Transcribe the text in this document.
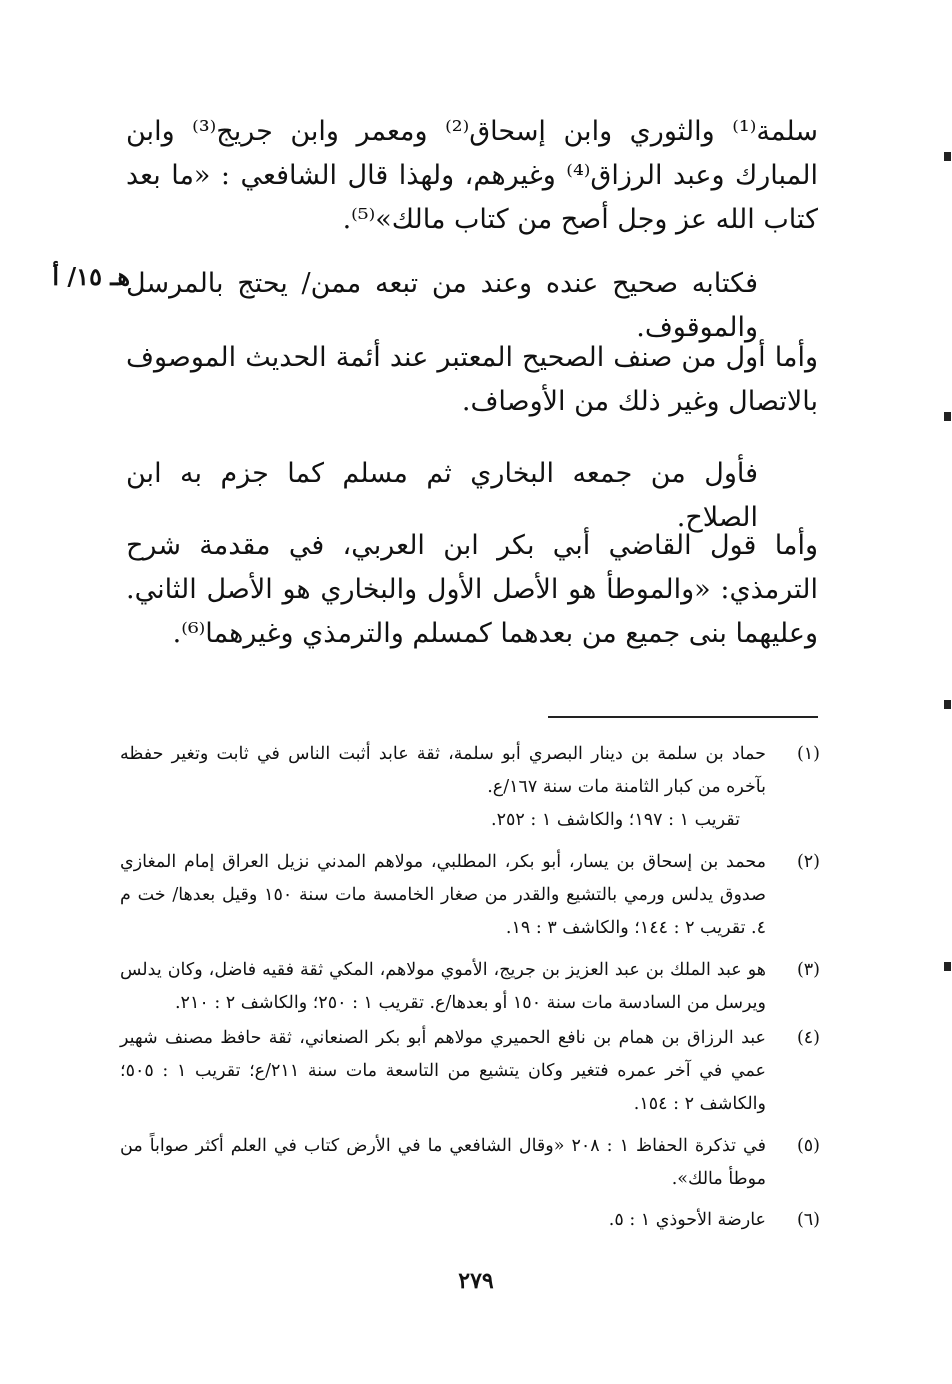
سلمة⁽¹⁾ والثوري وابن إسحاق⁽²⁾ ومعمر وابن جريج⁽³⁾ وابن المبارك وعبد الرزاق⁽⁴⁾ وغيرهم، ولهذا قال الشافعي : «ما بعد كتاب الله عز وجل أصح من كتاب مالك»⁽⁵⁾.
هـ ١٥/ أ
فكتابه صحيح عنده وعند من تبعه ممن/ يحتج بالمرسل والموقوف.
وأما أول من صنف الصحيح المعتبر عند أئمة الحديث الموصوف بالاتصال وغير ذلك من الأوصاف.
فأول من جمعه البخاري ثم مسلم كما جزم به ابن الصلاح.
وأما قول القاضي أبي بكر ابن العربي، في مقدمة شرح الترمذي: «والموطأ هو الأصل الأول والبخاري هو الأصل الثاني. وعليهما بنى جميع من بعدهما كمسلم والترمذي وغيرهما⁽⁶⁾.
(١)
حماد بن سلمة بن دينار البصري أبو سلمة، ثقة عابد أثبت الناس في ثابت وتغير حفظه بآخره من كبار الثامنة مات سنة ١٦٧/ع.
تقريب ١ : ١٩٧؛ والكاشف ١ : ٢٥٢.
(٢)
محمد بن إسحاق بن يسار، أبو بكر، المطلبي، مولاهم المدني نزيل العراق إمام المغازي صدوق يدلس ورمي بالتشيع والقدر من صغار الخامسة مات سنة ١٥٠ وقيل بعدها/ خت م ٤. تقريب ٢ : ١٤٤؛ والكاشف ٣ : ١٩.
(٣)
هو عبد الملك بن عبد العزيز بن جريج، الأموي مولاهم، المكي ثقة فقيه فاضل، وكان يدلس ويرسل من السادسة مات سنة ١٥٠ أو بعدها/ع. تقريب ١ : ٢٥٠؛ والكاشف ٢ : ٢١٠.
(٤)
عبد الرزاق بن همام بن نافع الحميري مولاهم أبو بكر الصنعاني، ثقة حافظ مصنف شهير عمي في آخر عمره فتغير وكان يتشيع من التاسعة مات سنة ٢١١/ع؛ تقريب ١ : ٥٠٥؛ والكاشف ٢ : ١٥٤.
(٥)
في تذكرة الحفاظ ١ : ٢٠٨ «وقال الشافعي ما في الأرض كتاب في العلم أكثر صواباً من موطأ مالك».
(٦)
عارضة الأحوذي ١ : ٥.
٢٧٩
